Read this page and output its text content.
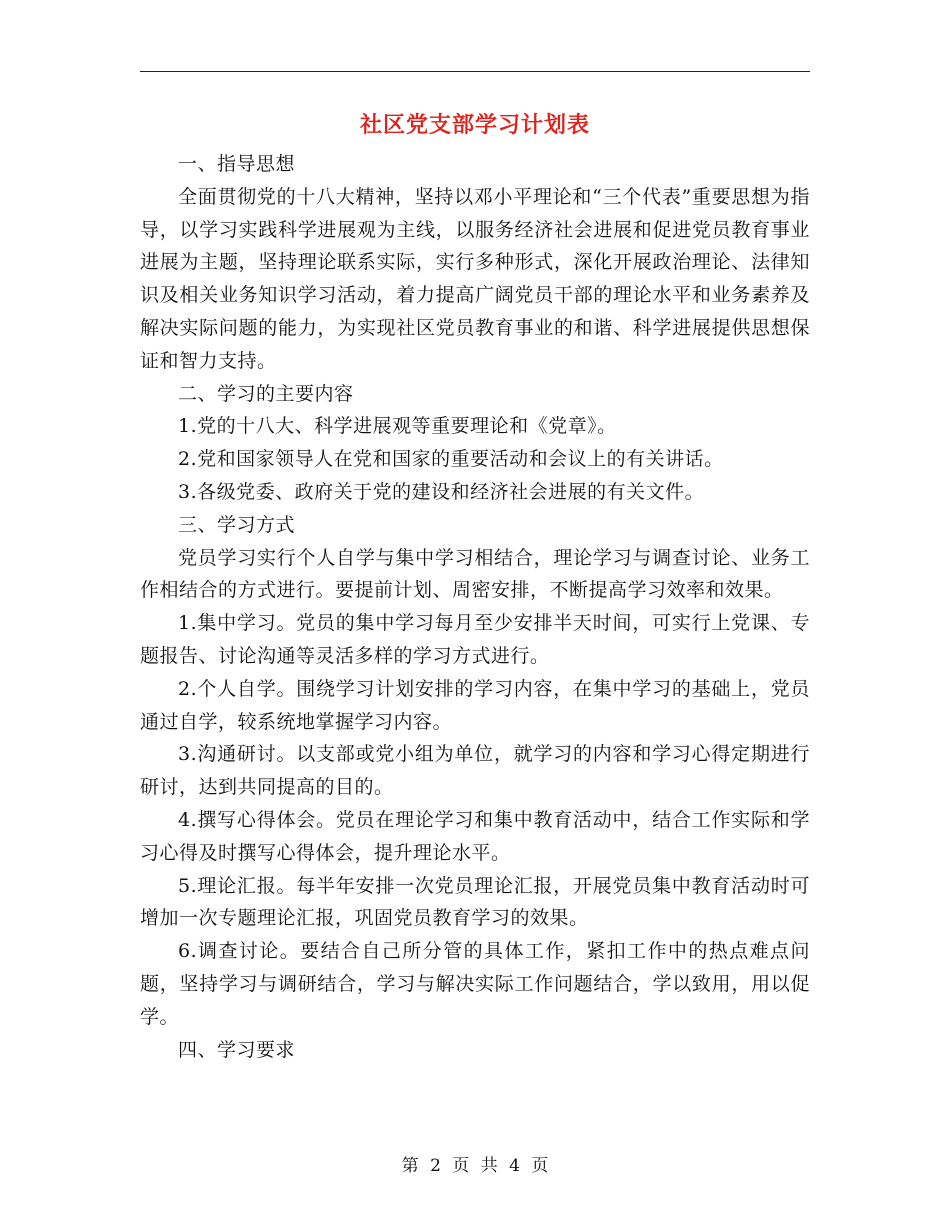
社区党支部学习计划表

一、指导思想

全面贯彻党的十八大精神，坚持以邓小平理论和“三个代表”重要思想为指导，以学习实践科学进展观为主线，以服务经济社会进展和促进党员教育事业进展为主题，坚持理论联系实际，实行多种形式，深化开展政治理论、法律知识及相关业务知识学习活动，着力提高广阔党员干部的理论水平和业务素养及解决实际问题的能力，为实现社区党员教育事业的和谐、科学进展提供思想保证和智力支持。

二、学习的主要内容

1.党的十八大、科学进展观等重要理论和《党章》。

2.党和国家领导人在党和国家的重要活动和会议上的有关讲话。

3.各级党委、政府关于党的建设和经济社会进展的有关文件。

三、学习方式

党员学习实行个人自学与集中学习相结合，理论学习与调查讨论、业务工作相结合的方式进行。要提前计划、周密安排，不断提高学习效率和效果。

1.集中学习。党员的集中学习每月至少安排半天时间，可实行上党课、专题报告、讨论沟通等灵活多样的学习方式进行。

2.个人自学。围绕学习计划安排的学习内容，在集中学习的基础上，党员通过自学，较系统地掌握学习内容。

3.沟通研讨。以支部或党小组为单位，就学习的内容和学习心得定期进行研讨，达到共同提高的目的。

4.撰写心得体会。党员在理论学习和集中教育活动中，结合工作实际和学习心得及时撰写心得体会，提升理论水平。

5.理论汇报。每半年安排一次党员理论汇报，开展党员集中教育活动时可增加一次专题理论汇报，巩固党员教育学习的效果。

6.调查讨论。要结合自己所分管的具体工作，紧扣工作中的热点难点问题，坚持学习与调研结合，学习与解决实际工作问题结合，学以致用，用以促学。

四、学习要求

第 2 页 共 4 页
